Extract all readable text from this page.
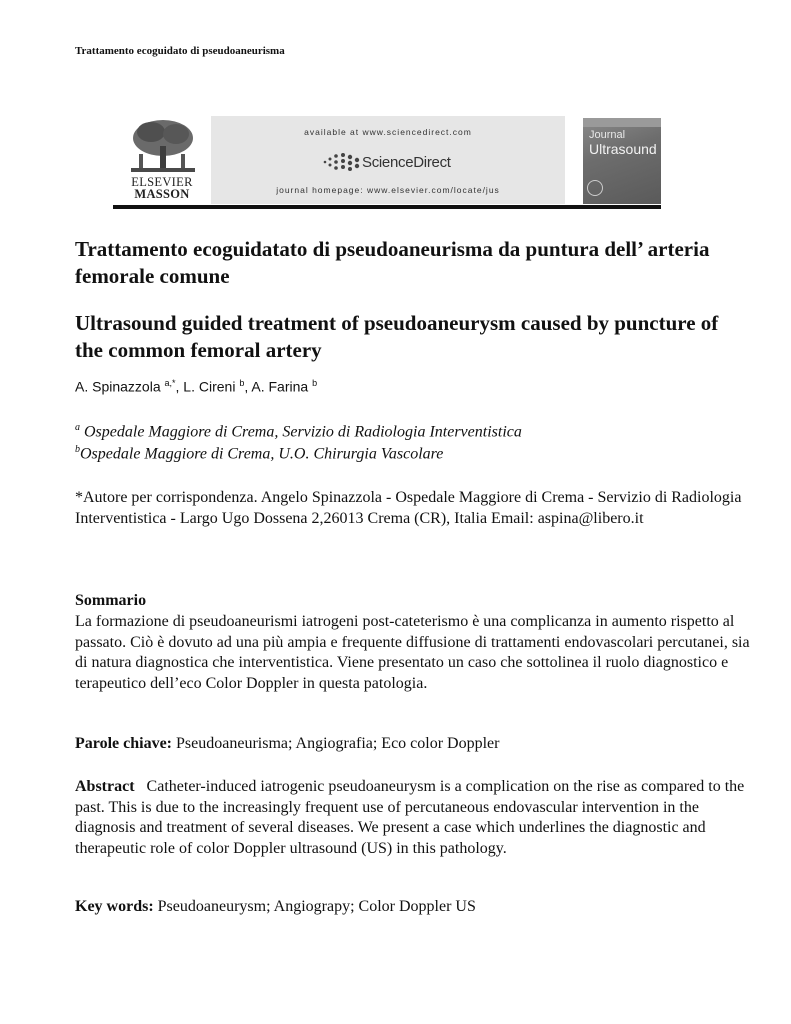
Trattamento ecoguidato di pseudoaneurisma
ELSEVIER
MASSON
available at www.sciencedirect.com
ScienceDirect
journal homepage: www.elsevier.com/locate/jus
Journal
Ultrasound
Trattamento ecoguidatato di pseudoaneurisma da puntura dell’ arteria femorale comune
Ultrasound guided treatment of pseudoaneurysm caused by puncture of the common femoral artery
A. Spinazzola $^{a,*}$, L. Cireni $^b$, A. Farina $^b$
$^a$ Ospedale Maggiore di Crema, Servizio di Radiologia Interventistica
$^b$Ospedale Maggiore di Crema, U.O. Chirurgia Vascolare
*Autore per corrispondenza. Angelo Spinazzola - Ospedale Maggiore di Crema - Servizio di Radiologia Interventistica - Largo Ugo Dossena 2,26013 Crema (CR), Italia Email: aspina@libero.it
Sommario
La formazione di pseudoaneurismi iatrogeni post-cateterismo è una complicanza in aumento rispetto al passato. Ciò è dovuto ad una più ampia e frequente diffusione di trattamenti endovascolari percutanei, sia di natura diagnostica che interventistica. Viene presentato un caso che sottolinea il ruolo diagnostico e terapeutico dell’eco Color Doppler in questa patologia.
Parole chiave: Pseudoaneurisma; Angiografia; Eco color Doppler
Abstract Catheter-induced iatrogenic pseudoaneurysm is a complication on the rise as compared to the past. This is due to the increasingly frequent use of percutaneous endovascular intervention in the diagnosis and treatment of several diseases. We present a case which underlines the diagnostic and therapeutic role of color Doppler ultrasound (US) in this pathology.
Key words: Pseudoaneurysm; Angiograpy; Color Doppler US
